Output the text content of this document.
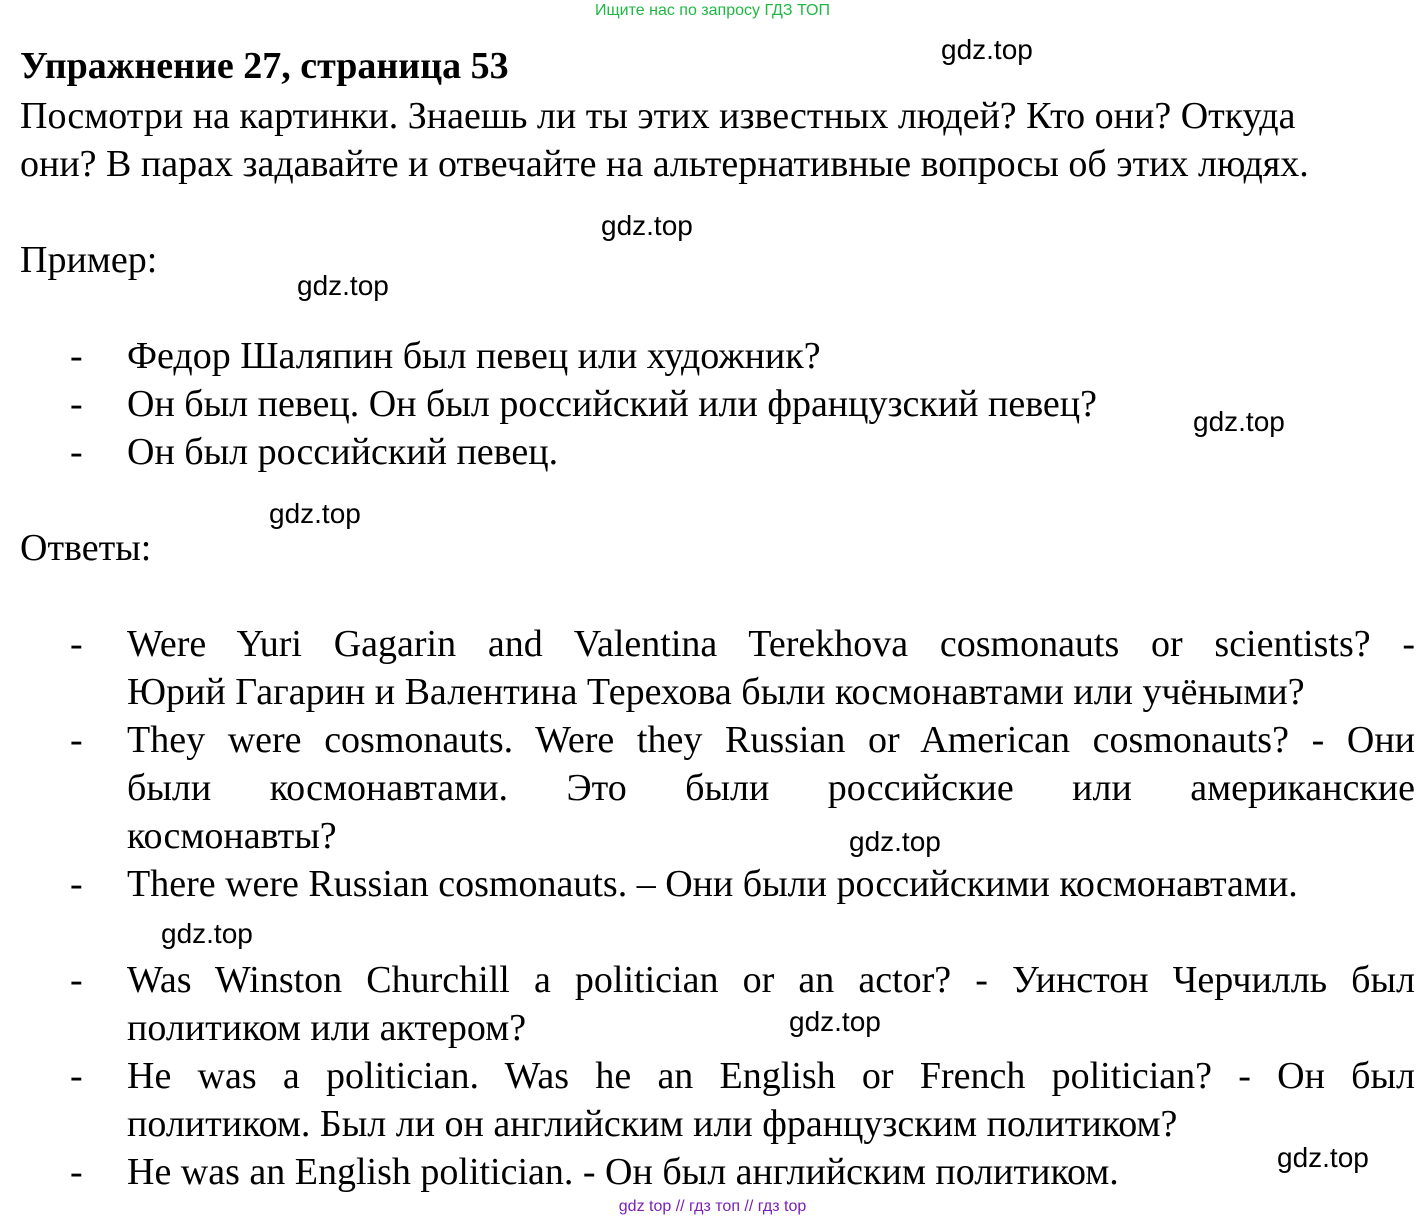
Ищите нас по запросу ГДЗ ТОП
Упражнение 27, страница 53
Посмотри на картинки. Знаешь ли ты этих известных людей? Кто они? Откуда
они? В парах задавайте и отвечайте на альтернативные вопросы об этих людях.
Пример:
- Федор Шаляпин был певец или художник?
- Он был певец. Он был российский или французский певец?
- Он был российский певец.
Ответы:
- Were Yuri Gagarin and Valentina Terekhova cosmonauts or scientists? -
Юрий Гагарин и Валентина Терехова были космонавтами или учёными?
- They were cosmonauts. Were they Russian or American cosmonauts? - Они
были космонавтами. Это были российские или американские
космонавты?
- There were Russian cosmonauts. – Они были российскими космонавтами.
- Was Winston Churchill a politician or an actor? - Уинстон Черчилль был
политиком или актером?
- He was a politician. Was he an English or French politician? - Он был
политиком. Был ли он английским или французским политиком?
- He was an English politician. - Он был английским политиком.
gdz.top
gdz.top
gdz.top
gdz.top
gdz.top
gdz.top
gdz.top
gdz.top
gdz.top
gdz top // гдз топ // гдз top
